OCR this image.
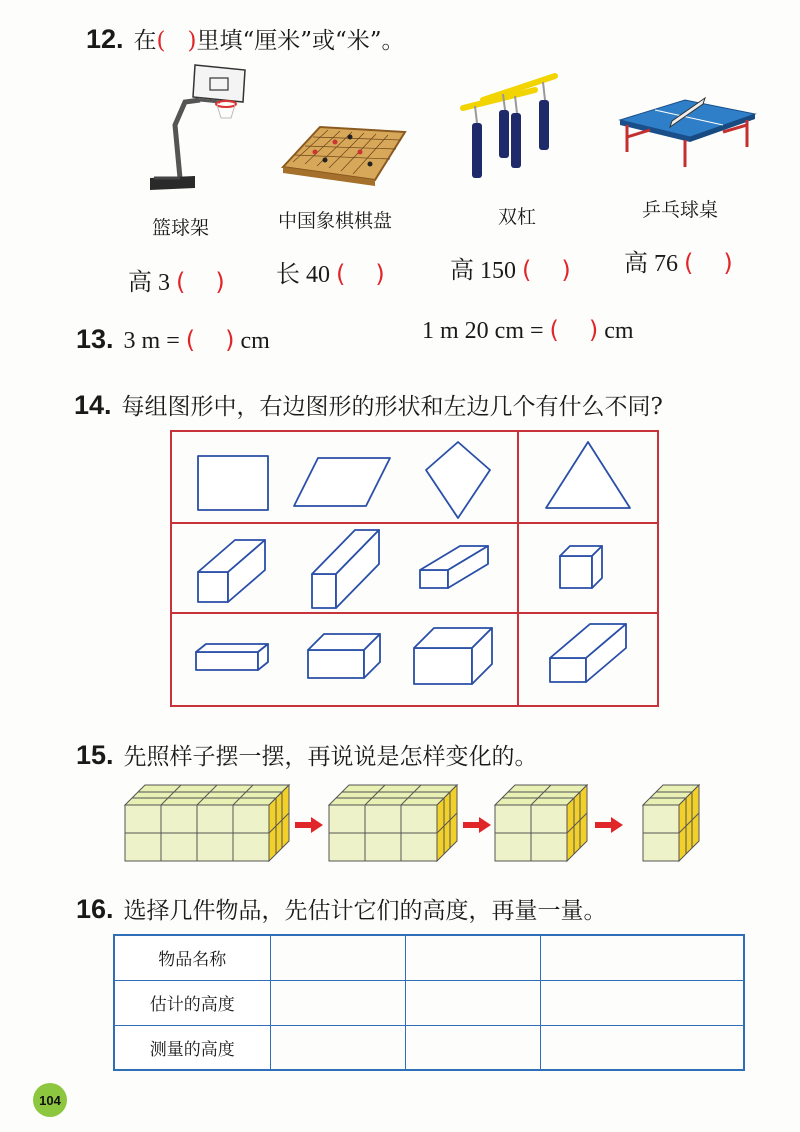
12. 在( )里填“厘米”或“米”。
篮球架	中国象棋棋盘	双杠	乒乓球桌
高 3 ( ) 长 40 ( )	高 150 ( ) 高 76 ( )
13. 3 m = ( ) cm	1 m 20 cm = ( ) cm
14. 每组图形中，右边图形的形状和左边几个有什么不同?
15. 先照样子摆一摆，再说说是怎样变化的。
16. 选择几件物品，先估计它们的高度，再量一量。
物品名称			
估计的高度			
测量的高度			
104
